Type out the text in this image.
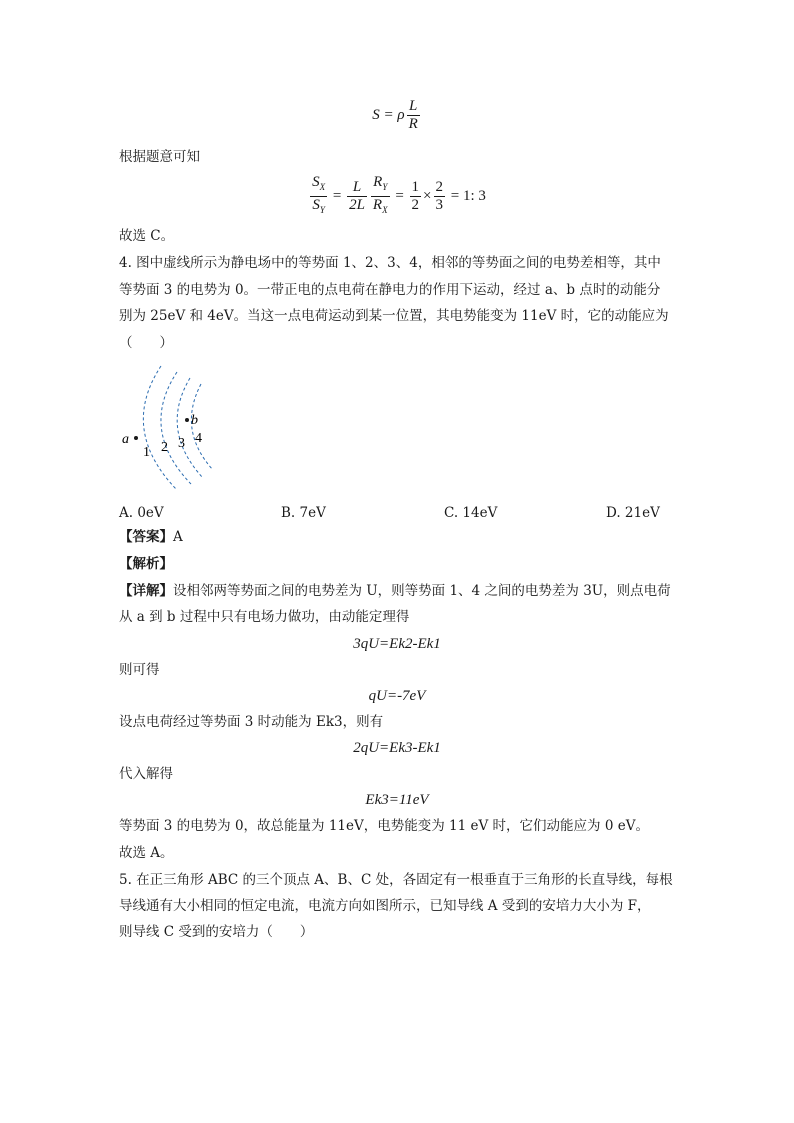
S = ρ $\frac{L}{R}$
根据题意可知
$\frac{S_X}{S_Y} = \frac{L}{2L} \frac{R_Y}{R_X} = \frac{1}{2} \times \frac{2}{3} = 1$: 3
故选 C。
4. 图中虚线所示为静电场中的等势面 1、2、3、4，相邻的等势面之间的电势差相等，其中
等势面 3 的电势为 0。一带正电的点电荷在静电力的作用下运动，经过 a、b 点时的动能分
别为 25eV 和 4eV。当这一点电荷运动到某一位置，其电势能变为 11eV 时，它的动能应为
（　　）
a
b
1 2 3 4
A. 0eV	B. 7eV	C. 14eV	D. 21eV
【答案】A
【解析】
【详解】设相邻两等势面之间的电势差为 U，则等势面 1、4 之间的电势差为 3U，则点电荷
从 a 到 b 过程中只有电场力做功，由动能定理得
3qU=Ek2-Ek1
则可得
qU=-7eV
设点电荷经过等势面 3 时动能为 Ek3，则有
2qU=Ek3-Ek1
代入解得
Ek3=11eV
等势面 3 的电势为 0，故总能量为 11eV，电势能变为 11 eV 时，它们动能应为 0 eV。
故选 A。
5. 在正三角形 ABC 的三个顶点 A、B、C 处，各固定有一根垂直于三角形的长直导线，每根
导线通有大小相同的恒定电流，电流方向如图所示，已知导线 A 受到的安培力大小为 F，
则导线 C 受到的安培力（　　）
